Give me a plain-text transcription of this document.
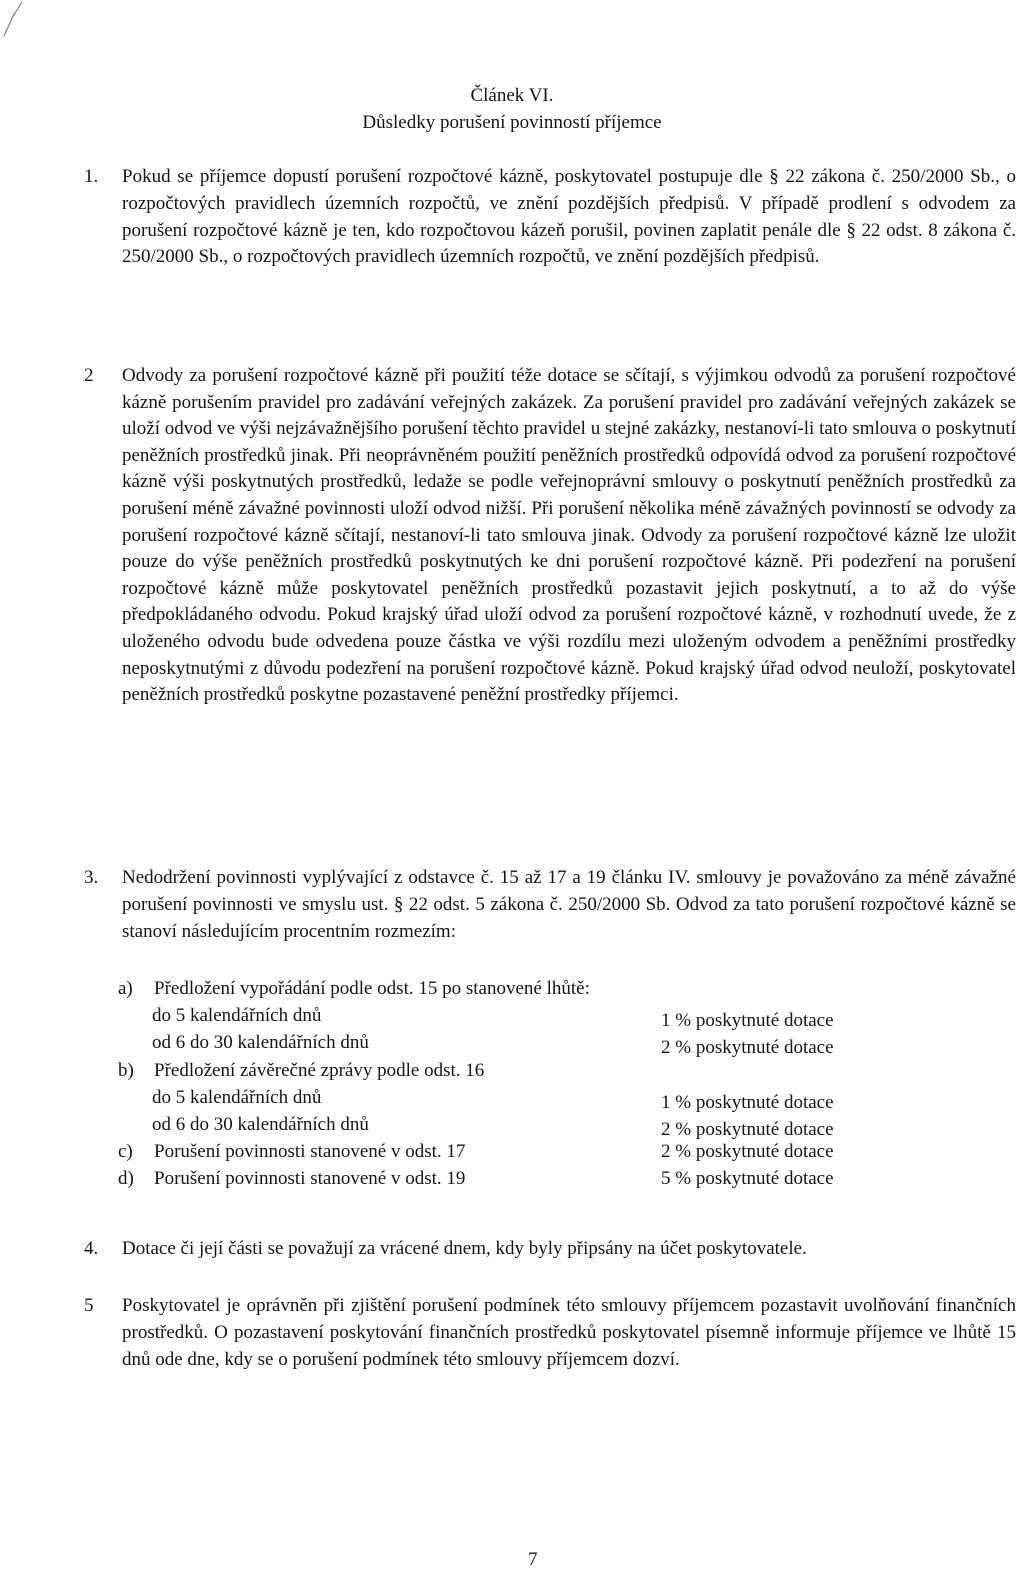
Článek VI.
Důsledky porušení povinností příjemce
1.	Pokud se příjemce dopustí porušení rozpočtové kázně, poskytovatel postupuje dle § 22 zákona č. 250/2000 Sb., o rozpočtových pravidlech územních rozpočtů, ve znění pozdějších předpisů. V případě prodlení s odvodem za porušení rozpočtové kázně je ten, kdo rozpočtovou kázeň porušil, povinen zaplatit penále dle § 22 odst. 8 zákona č. 250/2000 Sb., o rozpočtových pravidlech územních rozpočtů, ve znění pozdějších předpisů.
2	Odvody za porušení rozpočtové kázně při použití téže dotace se sčítají, s výjimkou odvodů za porušení rozpočtové kázně porušením pravidel pro zadávání veřejných zakázek. Za porušení pravidel pro zadávání veřejných zakázek se uloží odvod ve výši nejzávažnějšího porušení těchto pravidel u stejné zakázky, nestanoví-li tato smlouva o poskytnutí peněžních prostředků jinak. Při neoprávněném použití peněžních prostředků odpovídá odvod za porušení rozpočtové kázně výši poskytnutých prostředků, ledaže se podle veřejnoprávní smlouvy o poskytnutí peněžních prostředků za porušení méně závažné povinnosti uloží odvod nižší. Při porušení několika méně závažných povinností se odvody za porušení rozpočtové kázně sčítají, nestanoví-li tato smlouva jinak. Odvody za porušení rozpočtové kázně lze uložit pouze do výše peněžních prostředků poskytnutých ke dni porušení rozpočtové kázně. Při podezření na porušení rozpočtové kázně může poskytovatel peněžních prostředků pozastavit jejich poskytnutí, a to až do výše předpokládaného odvodu. Pokud krajský úřad uloží odvod za porušení rozpočtové kázně, v rozhodnutí uvede, že z uloženého odvodu bude odvedena pouze částka ve výši rozdílu mezi uloženým odvodem a peněžními prostředky neposkytnutými z důvodu podezření na porušení rozpočtové kázně. Pokud krajský úřad odvod neuloží, poskytovatel peněžních prostředků poskytne pozastavené peněžní prostředky příjemci.
3.	Nedodržení povinnosti vyplývající z odstavce č. 15 až 17 a 19 článku IV. smlouvy je považováno za méně závažné porušení povinnosti ve smyslu ust. § 22 odst. 5 zákona č. 250/2000 Sb. Odvod za tato porušení rozpočtové kázně se stanoví následujícím procentním rozmezím:
a) Předložení vypořádání podle odst. 15 po stanovené lhůtě:
do 5 kalendářních dnů	1 % poskytnuté dotace
od 6 do 30 kalendářních dnů	2 % poskytnuté dotace
b) Předložení závěrečné zprávy podle odst. 16
do 5 kalendářních dnů	1 % poskytnuté dotace
od 6 do 30 kalendářních dnů	2 % poskytnuté dotace
c) Porušení povinnosti stanovené v odst. 17	2 % poskytnuté dotace
d) Porušení povinnosti stanovené v odst. 19	5 % poskytnuté dotace
4.	Dotace či její části se považují za vrácené dnem, kdy byly připsány na účet poskytovatele.
5	Poskytovatel je oprávněn při zjištění porušení podmínek této smlouvy příjemcem pozastavit uvolňování finančních prostředků. O pozastavení poskytování finančních prostředků poskytovatel písemně informuje příjemce ve lhůtě 15 dnů ode dne, kdy se o porušení podmínek této smlouvy příjemcem dozví.
7
